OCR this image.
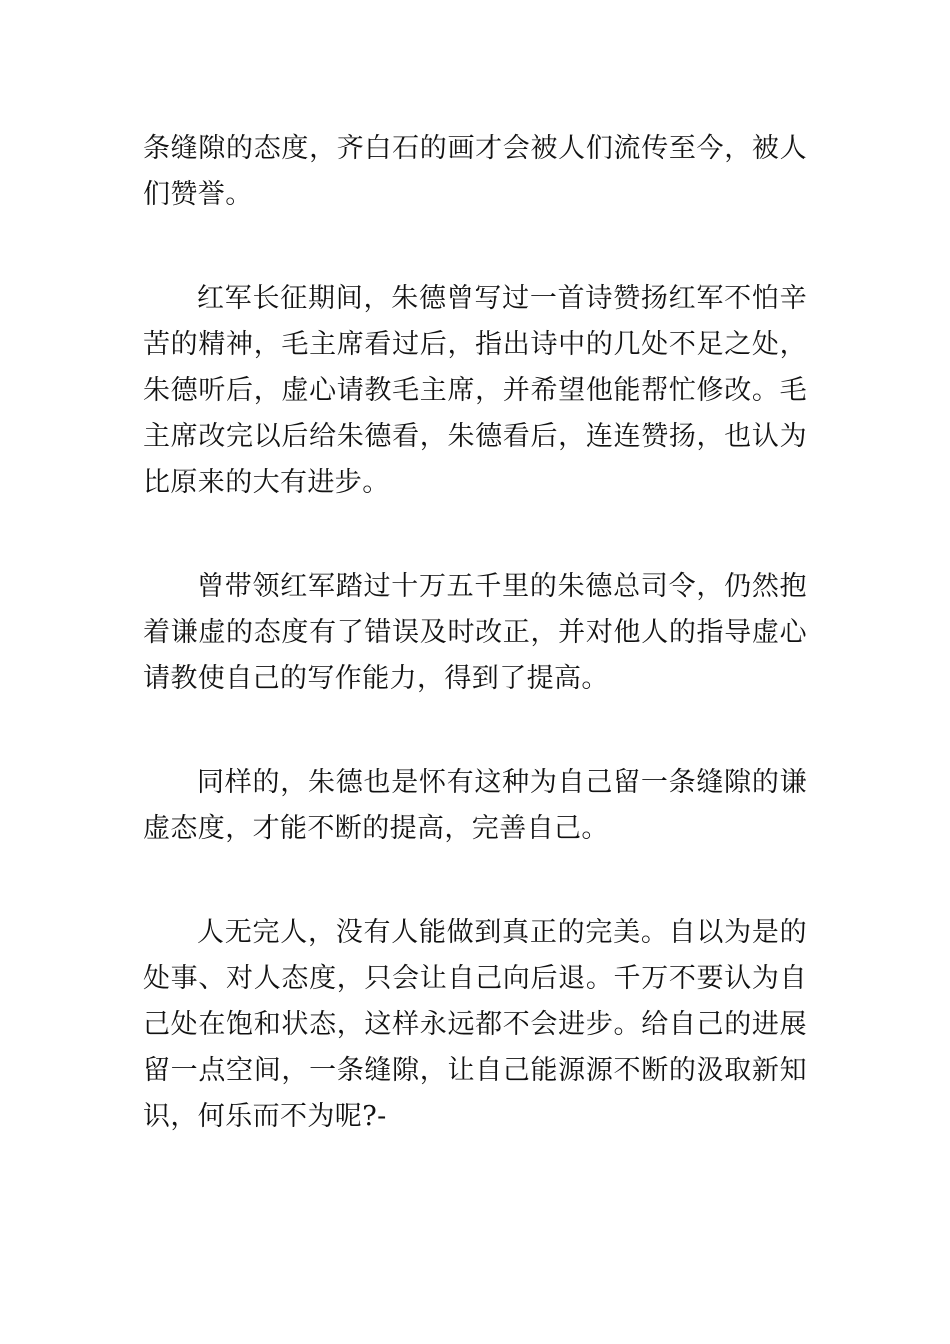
条缝隙的态度，齐白石的画才会被人们流传至今，被人们赞誉。

红军长征期间，朱德曾写过一首诗赞扬红军不怕辛苦的精神，毛主席看过后，指出诗中的几处不足之处，朱德听后，虚心请教毛主席，并希望他能帮忙修改。毛主席改完以后给朱德看，朱德看后，连连赞扬，也认为比原来的大有进步。

曾带领红军踏过十万五千里的朱德总司令，仍然抱着谦虚的态度有了错误及时改正，并对他人的指导虚心请教使自己的写作能力，得到了提高。

同样的，朱德也是怀有这种为自己留一条缝隙的谦虚态度，才能不断的提高，完善自己。

人无完人，没有人能做到真正的完美。自以为是的处事、对人态度，只会让自己向后退。千万不要认为自己处在饱和状态，这样永远都不会进步。给自己的进展留一点空间，一条缝隙，让自己能源源不断的汲取新知识，何乐而不为呢?-
